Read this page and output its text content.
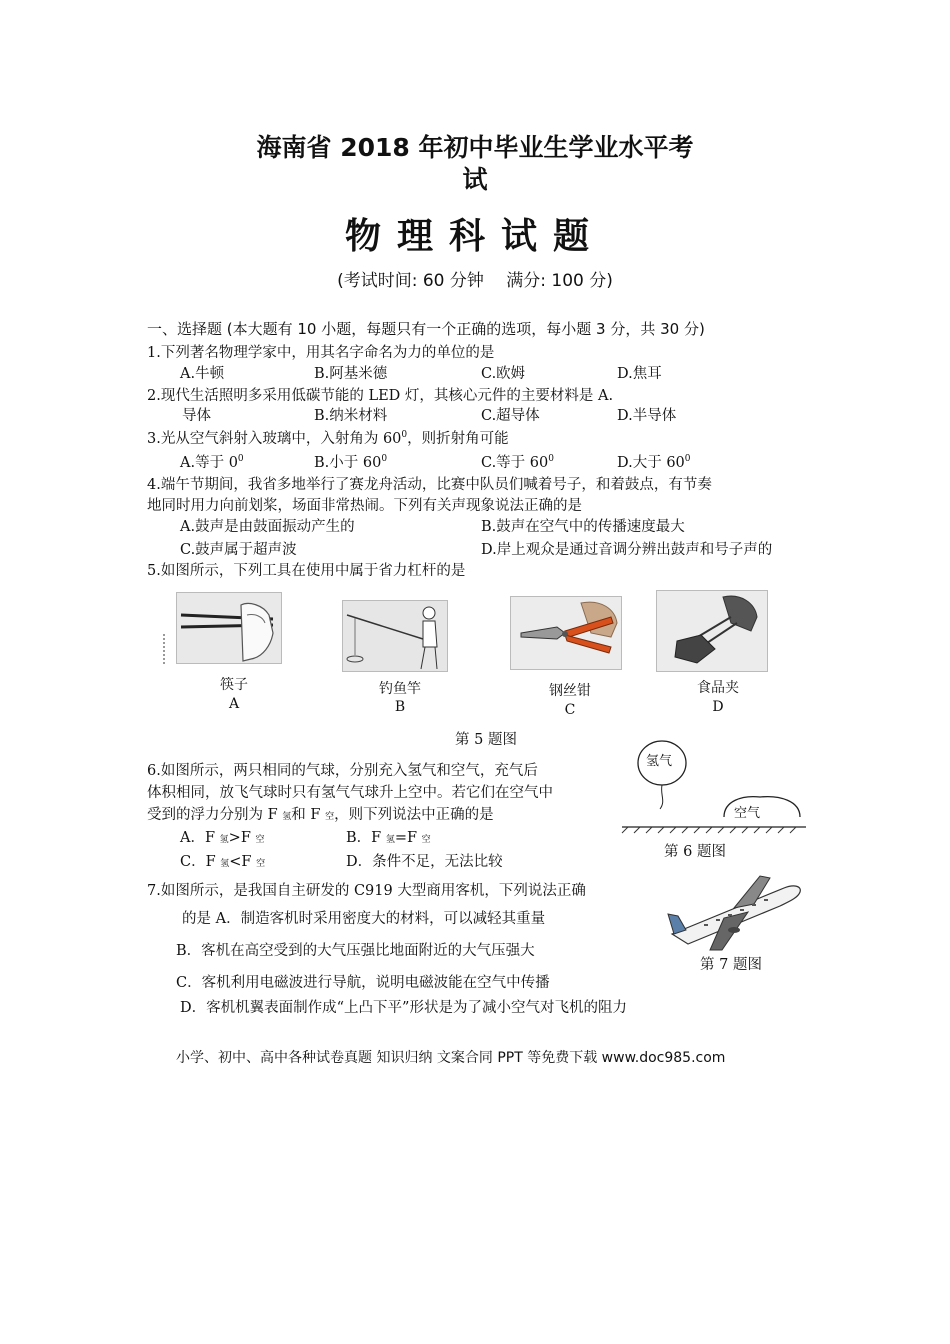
海南省 2018 年初中毕业生学业水平考
试
物理科试题
(考试时间: 60 分钟　 满分: 100 分)
一、选择题 (本大题有 10 小题，每题只有一个正确的选项，每小题 3 分，共 30 分)
1.下列著名物理学家中，用其名字命名为力的单位的是
A.牛顿	B.阿基米德	C.欧姆	D.焦耳
2.现代生活照明多采用低碳节能的 LED 灯，其核心元件的主要材料是 A.
导体	B.纳米材料	C.超导体	D.半导体
3.光从空气斜射入玻璃中，入射角为 $60^0$，则折射角可能
A.等于 $0^0$	B.小于 $60^0$	C.等于 $60^0$	D.大于 $60^0$
4.端午节期间，我省多地举行了赛龙舟活动，比赛中队员们喊着号子，和着鼓点，有节奏
地同时用力向前划桨，场面非常热闹。下列有关声现象说法正确的是
A.鼓声是由鼓面振动产生的	B.鼓声在空气中的传播速度最大
C.鼓声属于超声波	D.岸上观众是通过音调分辨出鼓声和号子声的
5.如图所示，下列工具在使用中属于省力杠杆的是
筷子
A
钓鱼竿
B
钢丝钳
C
食品夹
D
第 5 题图
6.如图所示，两只相同的气球，分别充入氢气和空气，充气后
体积相同，放飞气球时只有氢气气球升上空中。若它们在空气中
受到的浮力分别为 F 氢和 F 空，则下列说法中正确的是
A．F 氢>F 空	B．F 氢=F 空
C．F 氢<F 空	D．条件不足，无法比较
氢气
空气
第 6 题图
7.如图所示，是我国自主研发的 C919 大型商用客机，下列说法正确
的是 A．制造客机时采用密度大的材料，可以减轻其重量
B．客机在高空受到的大气压强比地面附近的大气压强大
C．客机利用电磁波进行导航，说明电磁波能在空气中传播
D．客机机翼表面制作成“上凸下平”形状是为了减小空气对飞机的阻力
第 7 题图
小学、初中、高中各种试卷真题 知识归纳 文案合同 PPT 等免费下载 www.doc985.com
